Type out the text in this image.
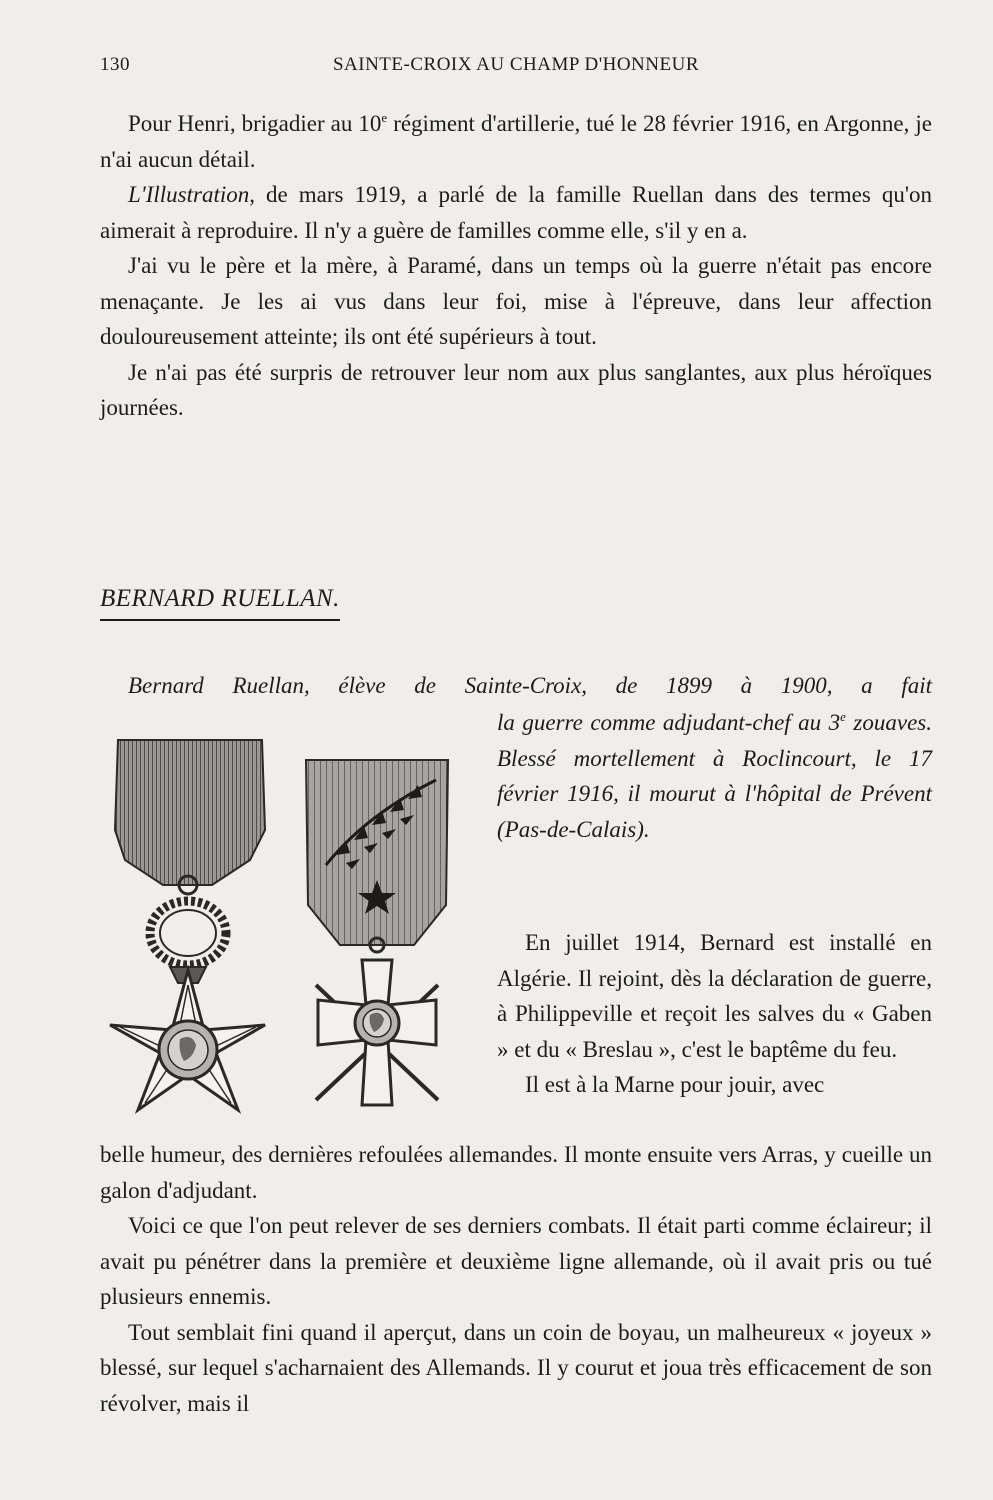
130	SAINTE-CROIX AU CHAMP D'HONNEUR

Pour Henri, brigadier au 10e régiment d'artillerie, tué le 28 février 1916, en Argonne, je n'ai aucun détail.

L'Illustration, de mars 1919, a parlé de la famille Ruellan dans des termes qu'on aimerait à reproduire. Il n'y a guère de familles comme elle, s'il y en a.

J'ai vu le père et la mère, à Paramé, dans un temps où la guerre n'était pas encore menaçante. Je les ai vus dans leur foi, mise à l'épreuve, dans leur affection douloureusement atteinte; ils ont été supérieurs à tout.

Je n'ai pas été surpris de retrouver leur nom aux plus sanglantes, aux plus héroïques journées.

BERNARD RUELLAN.
Bernard Ruellan, élève de Sainte-Croix, de 1899 à 1900, a fait

la guerre comme adjudant-chef au 3e zouaves. Blessé mortellement à Roclincourt, le 17 février 1916, il mourut à l'hôpital de Prévent (Pas-de-Calais).

En juillet 1914, Bernard est installé en Algérie. Il rejoint, dès la déclaration de guerre, à Philippeville et reçoit les salves du « Gaben » et du « Breslau », c'est le baptême du feu.

Il est à la Marne pour jouir, avec

belle humeur, des dernières refoulées allemandes. Il monte ensuite vers Arras, y cueille un galon d'adjudant.

Voici ce que l'on peut relever de ses derniers combats. Il était parti comme éclaireur; il avait pu pénétrer dans la première et deuxième ligne allemande, où il avait pris ou tué plusieurs ennemis.

Tout semblait fini quand il aperçut, dans un coin de boyau, un malheureux « joyeux » blessé, sur lequel s'acharnaient des Allemands. Il y courut et joua très efficacement de son révolver, mais il
